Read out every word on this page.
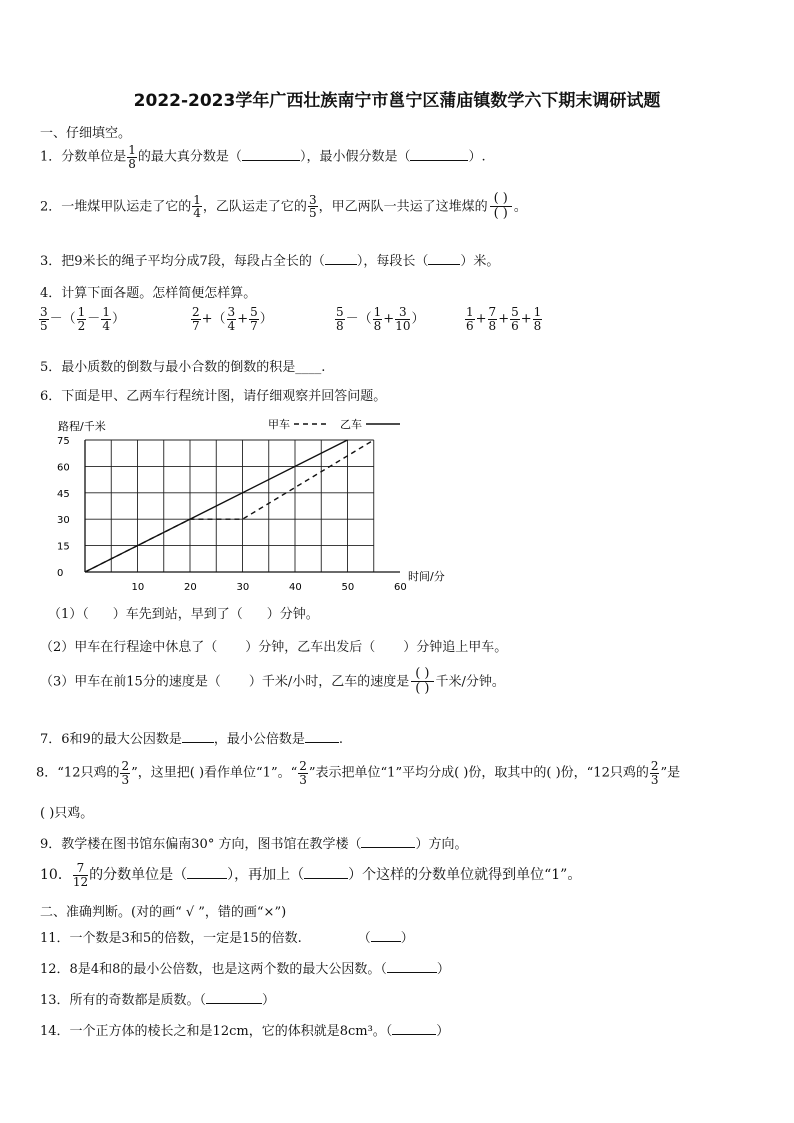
2022-2023学年广西壮族南宁市邕宁区蒲庙镇数学六下期末调研试题
一、仔细填空。
1．分数单位是 $\frac{1}{8}$ 的最大真分数是（	），最小假分数是（	）.
2．一堆煤甲队运走了它的 $\frac{1}{4}$ ，乙队运走了它的 $\frac{3}{5}$ ，甲乙两队一共运了这堆煤的
( )
( ) 。
3．把9米长的绳子平均分成7段，每段占全长的（ ），每段长（ ）米。
4．计算下面各题。怎样简便怎样算。
$\frac{3}{5}$ －（ $\frac{1}{2} - \frac{1}{4}$ ）	$\frac{2}{7}$ +（ $\frac{3}{4} + \frac{5}{7}$ ）	$\frac{5}{8}$ －（ $\frac{1}{8} + \frac{3}{10}$ ）	$\frac{1}{6} + \frac{7}{8} + \frac{5}{6} + \frac{1}{8}$
5．最小质数的倒数与最小合数的倒数的积是____.
6．下面是甲、乙两车行程统计图，请仔细观察并回答问题。
路程/千米
时间/分
75
60
45
30
15
0
10	20	30	40	50	60
甲车	乙车
（1）（ ）车先到站，早到了（ ）分钟。
（2）甲车在行程途中休息了（ ）分钟，乙车出发后（ ）分钟追上甲车。
（3）甲车在前15分的速度是（ ）千米/小时，乙车的速度是
( )
( ) 千米/分钟。
7．6和9的最大公因数是 ，最小公倍数是	.
8．“12只鸡的 $\frac{2}{3}$ ”，这里把( )看作单位“1”。“ $\frac{2}{3}$ ”表示把单位“1”平均分成( )份，取其中的( )份，“12只鸡的 $\frac{2}{3}$ ”是
( )只鸡。
9．教学楼在图书馆东偏南30° 方向，图书馆在教学楼（	）方向。
10． $\frac{7}{12}$ 的分数单位是（	），再加上（	）个这样的分数单位就得到单位“1”。
二、准确判断。(对的画“ √ ”，错的画“×”)
11．一个数是3和5的倍数，一定是15的倍数.	（ ）
12．8是4和8的最小公倍数，也是这两个数的最大公因数。（	）
13．所有的奇数都是质数。（	）
14．一个正方体的棱长之和是12cm，它的体积就是8cm³。（	）
